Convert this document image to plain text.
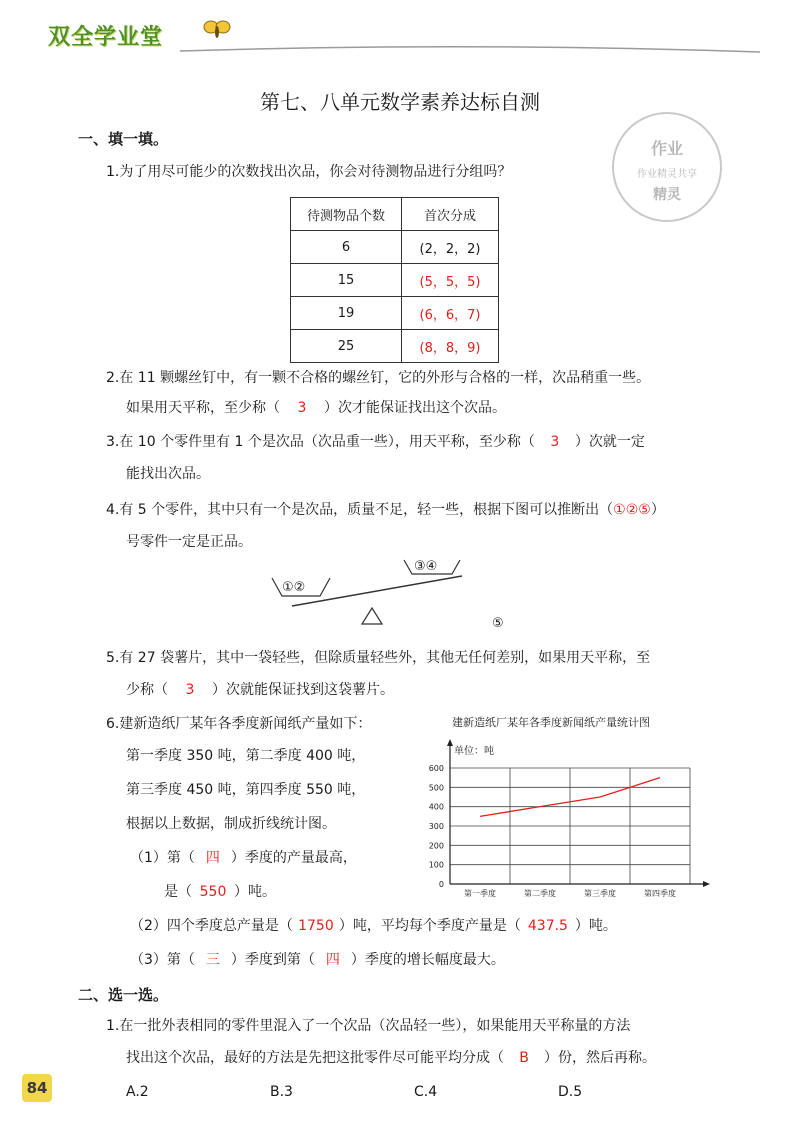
双全学业堂
第七、八单元数学素养达标自测
作业
作业精灵共享
精灵
一、填一填。
1.为了用尽可能少的次数找出次品，你会对待测物品进行分组吗？
待测物品个数	首次分成
6	(2，2，2)
15	(5，5，5)
19	(6，6，7)
25	(8，8，9)
2.在 11 颗螺丝钉中，有一颗不合格的螺丝钉，它的外形与合格的一样，次品稍重一些。
如果用天平称，至少称（ 3 ）次才能保证找出这个次品。
3.在 10 个零件里有 1 个是次品（次品重一些），用天平称，至少称（ 3 ）次就一定
能找出次品。
4.有 5 个零件，其中只有一个是次品，质量不足，轻一些，根据下图可以推断出（①②⑤）
号零件一定是正品。
①②
③④
⑤
5.有 27 袋薯片，其中一袋轻些，但除质量轻些外，其他无任何差别，如果用天平称，至
少称（ 3 ）次就能保证找到这袋薯片。
6.建新造纸厂某年各季度新闻纸产量如下：
第一季度 350 吨，第二季度 400 吨，
第三季度 450 吨，第四季度 550 吨，
根据以上数据，制成折线统计图。
（1）第（ 四 ）季度的产量最高，
是（ 550 ）吨。
（2）四个季度总产量是（ 1750 ）吨，平均每个季度产量是（ 437.5 ）吨。
（3）第（ 三 ）季度到第（ 四 ）季度的增长幅度最大。
建新造纸厂某年各季度新闻纸产量统计图
单位：吨
0
100
200
300
400
500
600
第一季度	第二季度	第三季度	第四季度
二、选一选。
1.在一批外表相同的零件里混入了一个次品（次品轻一些），如果能用天平称量的方法
找出这个次品，最好的方法是先把这批零件尽可能平均分成（ B ）份，然后再称。
A.2	B.3	C.4	D.5
84
